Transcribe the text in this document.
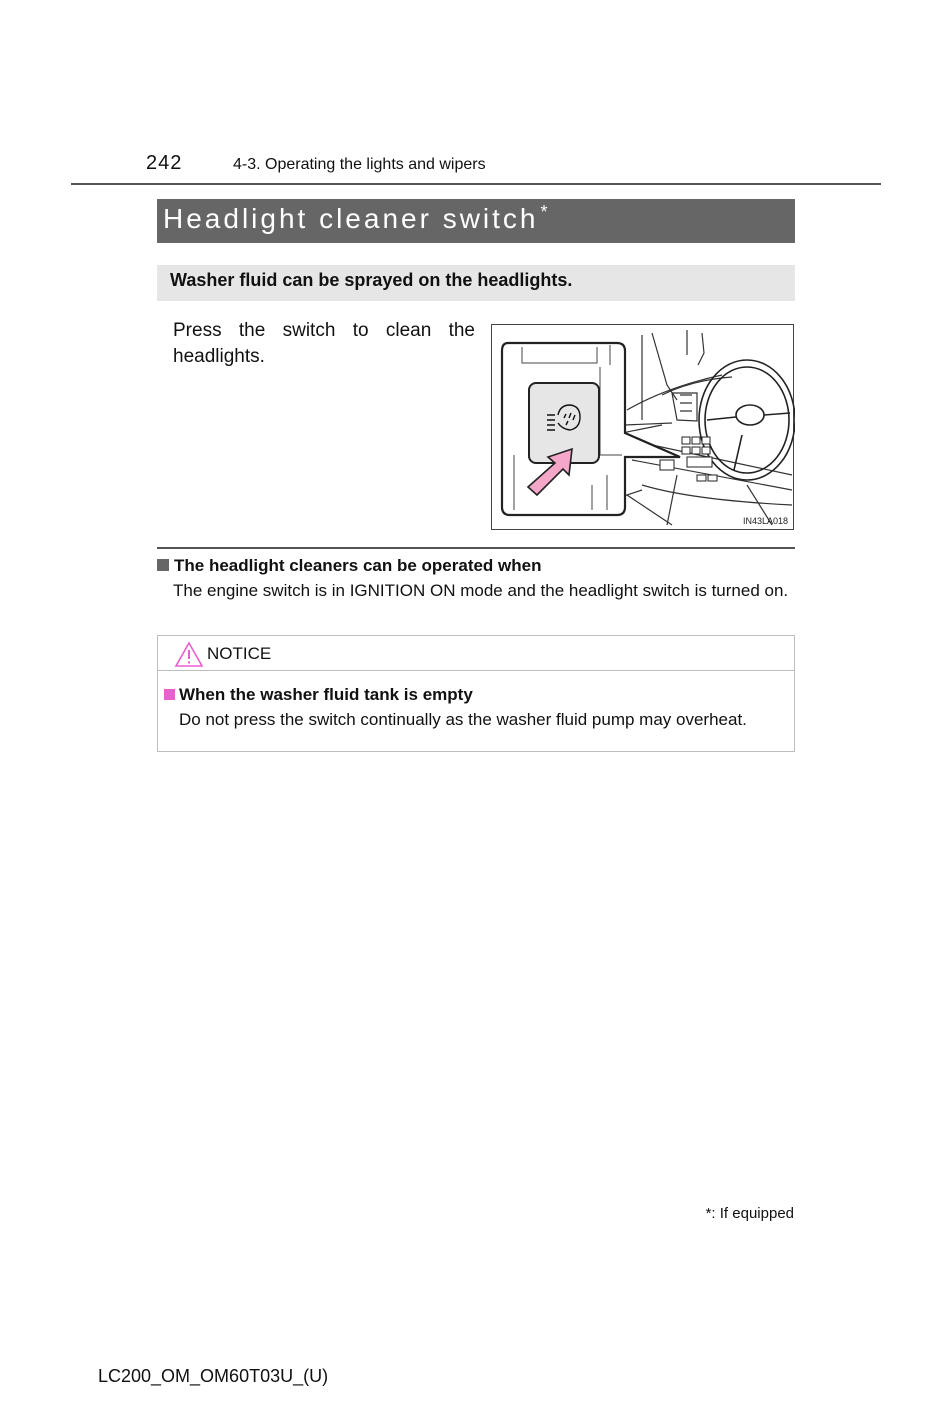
242	4-3. Operating the lights and wipers
Headlight cleaner switch *
Washer fluid can be sprayed on the headlights.
Press the switch to clean the headlights.
IN43LA018
The headlight cleaners can be operated when
The engine switch is in IGNITION ON mode and the headlight switch is turned on.
NOTICE
When the washer fluid tank is empty
Do not press the switch continually as the washer fluid pump may overheat.
*: If equipped
LC200_OM_OM60T03U_(U)
